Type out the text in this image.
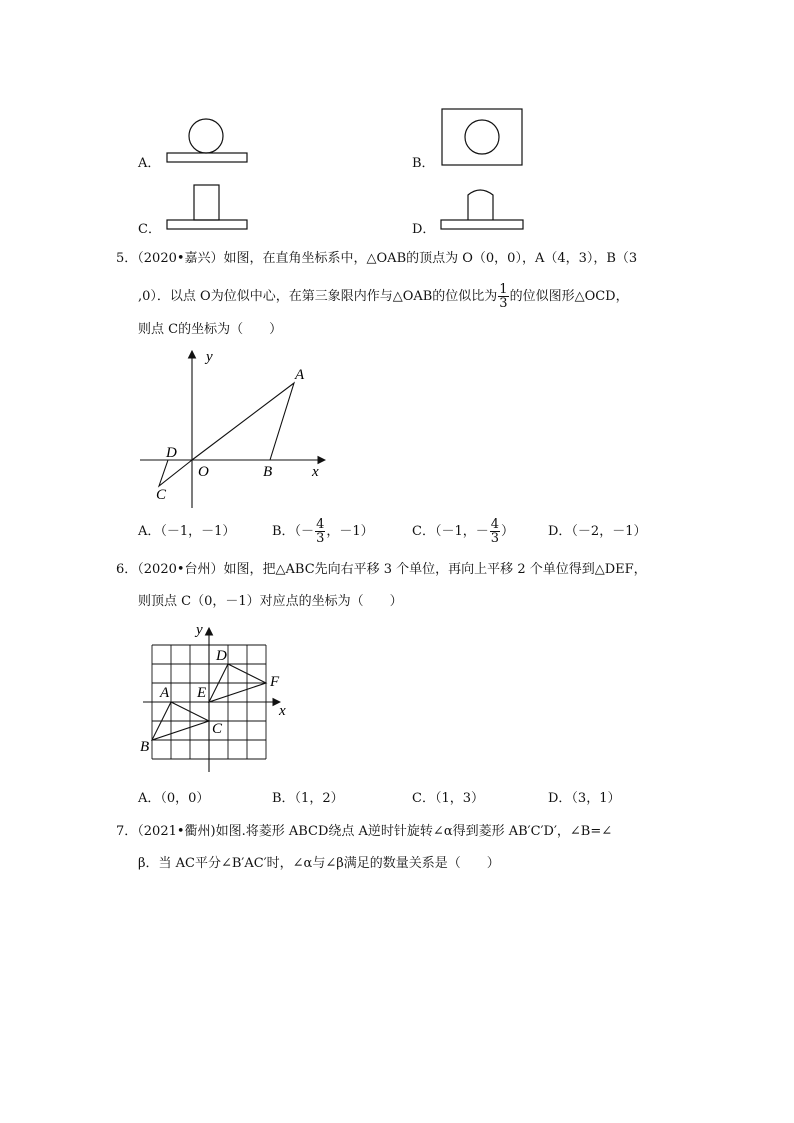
A．	B．
C．	D．
5．（2020•嘉兴）如图，在直角坐标系中，△OAB的顶点为 O（0，0），A（4，3），B（3
,0）．以点 O为位似中心，在第三象限内作与△OAB的位似比为 $\frac{1}{3}$ 的位似图形△OCD，
则点 C的坐标为（　　）
y
A
B
O	x
D
C
A．（－1，－1）	B．（－ $\frac{4}{3}$ ，－1）	C．（－1，－ $\frac{4}{3}$ ）	D．（－2，－1）
6．（2020•台州）如图，把△ABC先向右平移 3 个单位，再向上平移 2 个单位得到△DEF，
则顶点 C（0，－1）对应点的坐标为（　　）
y
x
A
B
C
D
E
F
A．（0，0）	B．（1，2）	C．（1，3）	D．（3，1）
7．（2021•衢州)如图.将菱形 ABCD绕点 A逆时针旋转∠α得到菱形 AB′C′D′，∠B=∠
β．当 AC平分∠B′AC′时，∠α与∠β满足的数量关系是（　　）
